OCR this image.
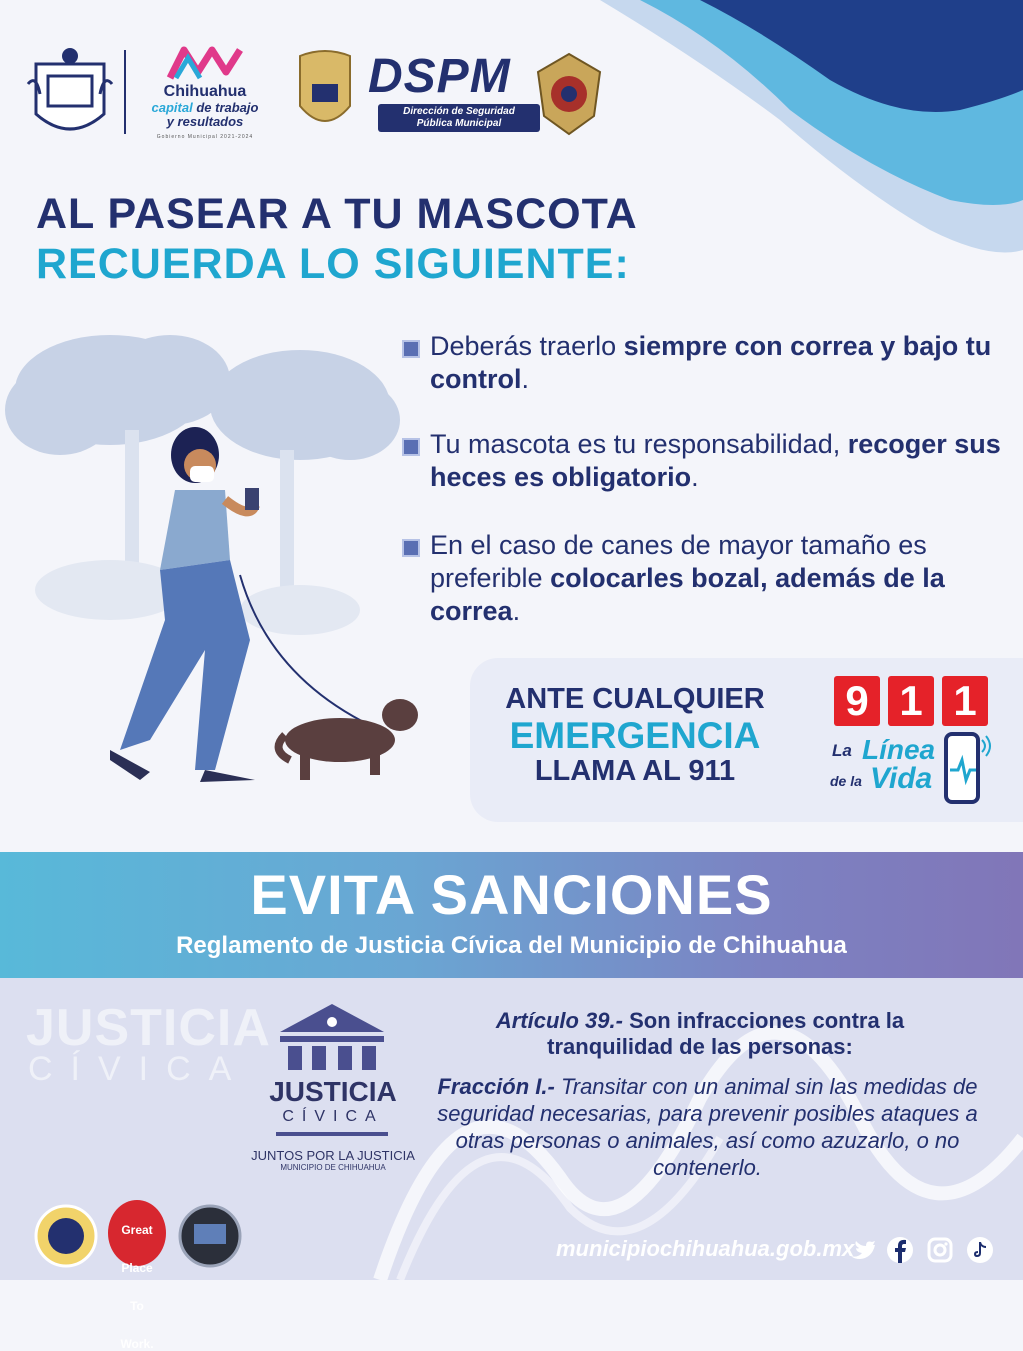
Chihuahua
capital de trabajo
y resultados
Gobierno Municipal 2021-2024
DSPM
Dirección de Seguridad
Pública Municipal
AL PASEAR A TU MASCOTA
RECUERDA LO SIGUIENTE:
Deberás traerlo siempre con correa y bajo tu control.
Tu mascota es tu responsabilidad, recoger sus heces es obligatorio.
En el caso de canes de mayor tamaño es preferible colocarles bozal, además de la correa.
ANTE CUALQUIER
EMERGENCIA
LLAMA AL 911
9 1 1
La Línea
de la Vida
EVITA SANCIONES
Reglamento de Justicia Cívica del Municipio de Chihuahua
JUSTICIA
CÍVICA
JUSTICIA
CÍVICA
JUNTOS POR LA JUSTICIA
MUNICIPIO DE CHIHUAHUA
Artículo 39.- Son infracciones contra la tranquilidad de las personas:
Fracción I.- Transitar con un animal sin las medidas de seguridad necesarias, para prevenir posibles ataques a otras personas o animales, así como azuzarlo, o no contenerlo.
Great

Place

To

Work.
municipiochihuahua.gob.mx
